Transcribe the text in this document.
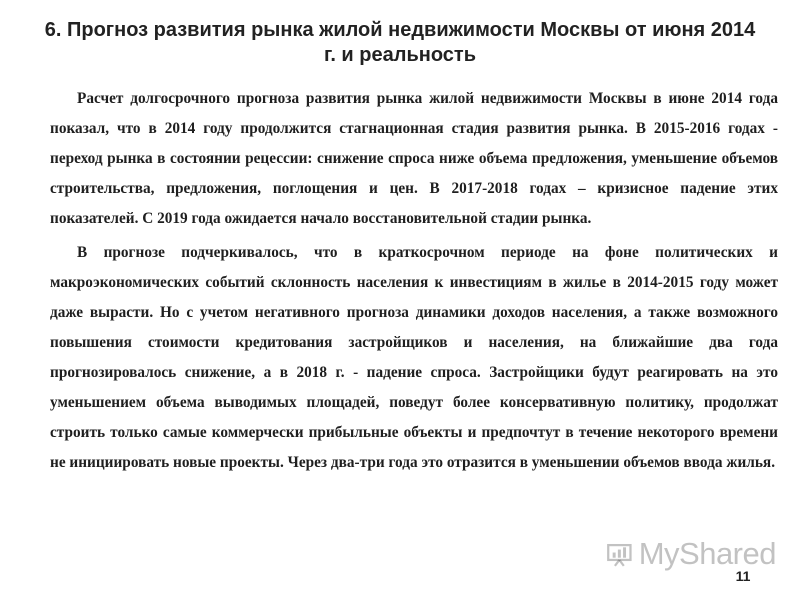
6. Прогноз развития рынка жилой недвижимости Москвы от июня 2014 г. и реальность

Расчет долгосрочного прогноза развития рынка жилой недвижимости Москвы в июне 2014 года показал, что в 2014 году продолжится стагнационная стадия развития рынка. В 2015-2016 годах - переход рынка в состоянии рецессии: снижение спроса ниже объема предложения, уменьшение объемов строительства, предложения, поглощения и цен. В 2017-2018 годах – кризисное падение этих показателей. С 2019 года ожидается начало восстановительной стадии рынка.

В прогнозе подчеркивалось, что в краткосрочном периоде на фоне политических и макроэкономических событий склонность населения к инвестициям в жилье в 2014-2015 году может даже вырасти. Но с учетом негативного прогноза динамики доходов населения, а также возможного повышения стоимости кредитования застройщиков и населения, на ближайшие два года прогнозировалось снижение, а в 2018 г. - падение спроса. Застройщики будут реагировать на это уменьшением объема выводимых площадей, поведут более консервативную политику, продолжат строить только самые коммерчески прибыльные объекты и предпочтут в течение некоторого времени не инициировать новые проекты. Через два-три года это отразится в уменьшении объемов ввода жилья.

MyShared
11
